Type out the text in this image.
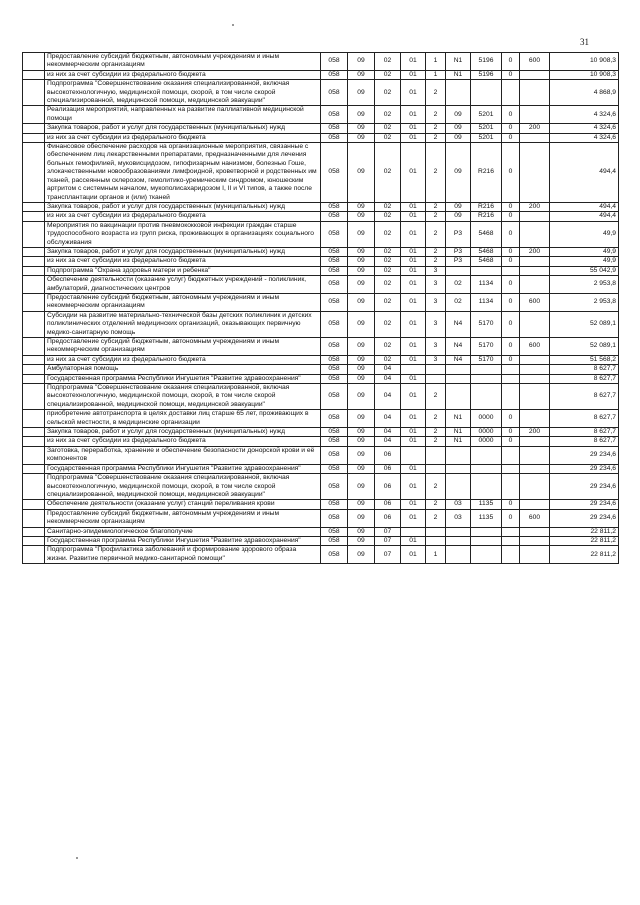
31
	Предоставление субсидий бюджетным, автономным учреждениям и иным некоммерческим организациям	058	09	02	01	1	N1	5196	0	600	10 908,3
	из них за счет субсидии из федерального бюджета	058	09	02	01	1	N1	5196	0		10 908,3
	Подпрограмма "Совершенствование оказания специализированной, включая высокотехнологичную, медицинской помощи, скорой, в том числе скорой специализированной, медицинской помощи, медицинской эвакуации"	058	09	02	01	2					4 868,9
	Реализация мероприятий, направленных на развитие паллиативной медицинской помощи	058	09	02	01	2	09	5201	0		4 324,6
	Закупка товаров, работ и услуг для государственных (муниципальных) нужд	058	09	02	01	2	09	5201	0	200	4 324,6
	из них за счет субсидии из федерального бюджета	058	09	02	01	2	09	5201	0		4 324,6
	Финансовое обеспечение расходов на организационные мероприятия, связанные с обеспечением лиц лекарственными препаратами, предназначенными для лечения больных гемофилией, муковисцидозом, гипофизарным нанизмом, болезнью Гоше, злокачественными новообразованиями лимфоидной, кроветворной и родственных им тканей, рассеянным склерозом, гемолитико-уремическим синдромом, юношеским артритом с системным началом, мукополисахаридозом I, II и VI типов, а также после трансплантации органов и (или) тканей	058	09	02	01	2	09	R216	0		494,4
	Закупка товаров, работ и услуг для государственных (муниципальных) нужд	058	09	02	01	2	09	R216	0	200	494,4
	из них за счет субсидии из федерального бюджета	058	09	02	01	2	09	R216	0		494,4
	Мероприятия по вакцинации против пневмококковой инфекции граждан старше трудоспособного возраста из групп риска, проживающих в организациях социального обслуживания	058	09	02	01	2	P3	5468	0		49,9
	Закупка товаров, работ и услуг для государственных (муниципальных) нужд	058	09	02	01	2	P3	5468	0	200	49,9
	из них за счет субсидии из федерального бюджета	058	09	02	01	2	P3	5468	0		49,9
	Подпрограмма "Охрана здоровья матери и ребенка"	058	09	02	01	3					55 042,9
	Обеспечение деятельности (оказание услуг) бюджетных учреждений - поликлиник, амбулаторий, диагностических центров	058	09	02	01	3	02	1134	0		2 953,8
	Предоставление субсидий бюджетным, автономным учреждениям и иным некоммерческим организациям	058	09	02	01	3	02	1134	0	600	2 953,8
	Субсидии на развитие материально-технической базы детских поликлиник и детских поликлинических отделений медицинских организаций, оказывающих первичную медико-санитарную помощь	058	09	02	01	3	N4	5170	0		52 089,1
	Предоставление субсидий бюджетным, автономным учреждениям и иным некоммерческим организациям	058	09	02	01	3	N4	5170	0	600	52 089,1
	из них за счет субсидии из федерального бюджета	058	09	02	01	3	N4	5170	0		51 568,2
	Амбулаторная помощь	058	09	04							8 627,7
	Государственная программа Республики Ингушетия "Развитие здравоохранения"	058	09	04	01						8 627,7
	Подпрограмма "Совершенствование оказания специализированной, включая высокотехнологичную, медицинской помощи, скорой, в том числе скорой специализированной, медицинской помощи, медицинской эвакуации"	058	09	04	01	2					8 627,7
	приобретение автотранспорта в целях доставки лиц старше 65 лет, проживающих в сельской местности, в медицинские организации	058	09	04	01	2	N1	0000	0		8 627,7
	Закупка товаров, работ и услуг для государственных (муниципальных) нужд	058	09	04	01	2	N1	0000	0	200	8 627,7
	из них за счет субсидии из федерального бюджета	058	09	04	01	2	N1	0000	0		8 627,7
	Заготовка, переработка, хранение и обеспечение безопасности донорской крови и её компонентов	058	09	06							29 234,6
	Государственная программа Республики Ингушетия "Развитие здравоохранения"	058	09	06	01						29 234,6
	Подпрограмма "Совершенствование оказания специализированной, включая высокотехнологичную, медицинской помощи, скорой, в том числе скорой специализированной, медицинской помощи, медицинской эвакуации"	058	09	06	01	2					29 234,6
	Обеспечение деятельности (оказание услуг) станций переливания крови	058	09	06	01	2	03	1135	0		29 234,6
	Предоставление субсидий бюджетным, автономным учреждениям и иным некоммерческим организациям	058	09	06	01	2	03	1135	0	600	29 234,6
	Санитарно-эпидемиологическое благополучие	058	09	07							22 811,2
	Государственная программа Республики Ингушетия "Развитие здравоохранения"	058	09	07	01						22 811,2
	Подпрограмма "Профилактика заболеваний и формирование здорового образа жизни. Развитие первичной медико-санитарной помощи"	058	09	07	01	1					22 811,2
